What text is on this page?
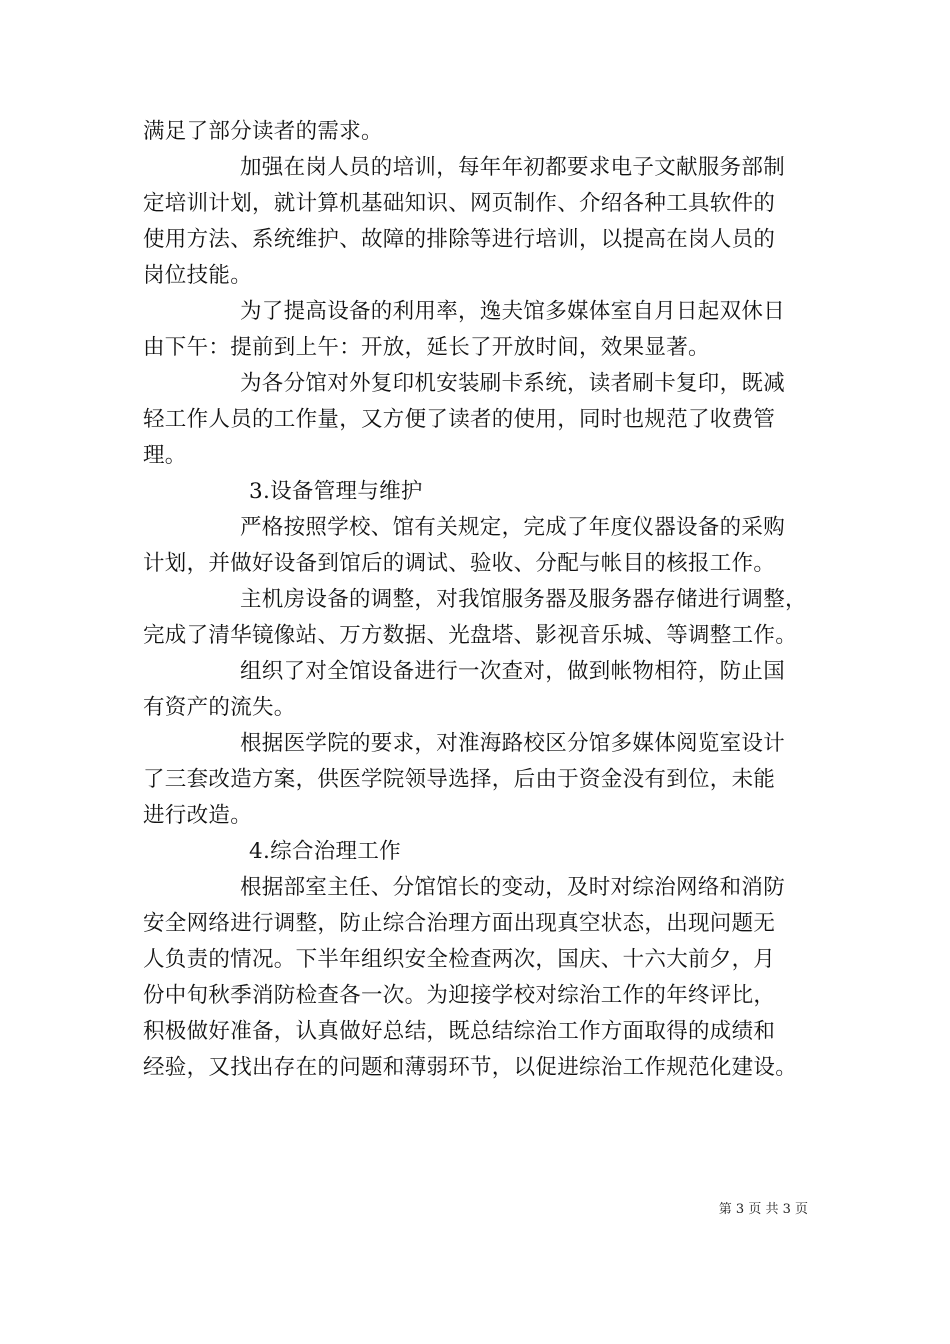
满足了部分读者的需求。
加强在岗人员的培训，每年年初都要求电子文献服务部制
定培训计划，就计算机基础知识、网页制作、介绍各种工具软件的
使用方法、系统维护、故障的排除等进行培训，以提高在岗人员的
岗位技能。
为了提高设备的利用率，逸夫馆多媒体室自月日起双休日
由下午：提前到上午：开放，延长了开放时间，效果显著。
为各分馆对外复印机安装刷卡系统，读者刷卡复印，既减
轻工作人员的工作量，又方便了读者的使用，同时也规范了收费管
理。
3.设备管理与维护
严格按照学校、馆有关规定，完成了年度仪器设备的采购
计划，并做好设备到馆后的调试、验收、分配与帐目的核报工作。
主机房设备的调整，对我馆服务器及服务器存储进行调整，
完成了清华镜像站、万方数据、光盘塔、影视音乐城、等调整工作。
组织了对全馆设备进行一次查对，做到帐物相符，防止国
有资产的流失。
根据医学院的要求，对淮海路校区分馆多媒体阅览室设计
了三套改造方案，供医学院领导选择，后由于资金没有到位，未能
进行改造。
4.综合治理工作
根据部室主任、分馆馆长的变动，及时对综治网络和消防
安全网络进行调整，防止综合治理方面出现真空状态，出现问题无
人负责的情况。下半年组织安全检查两次，国庆、十六大前夕，月
份中旬秋季消防检查各一次。为迎接学校对综治工作的年终评比，
积极做好准备，认真做好总结，既总结综治工作方面取得的成绩和
经验，又找出存在的问题和薄弱环节，以促进综治工作规范化建设。
第 3 页 共 3 页
